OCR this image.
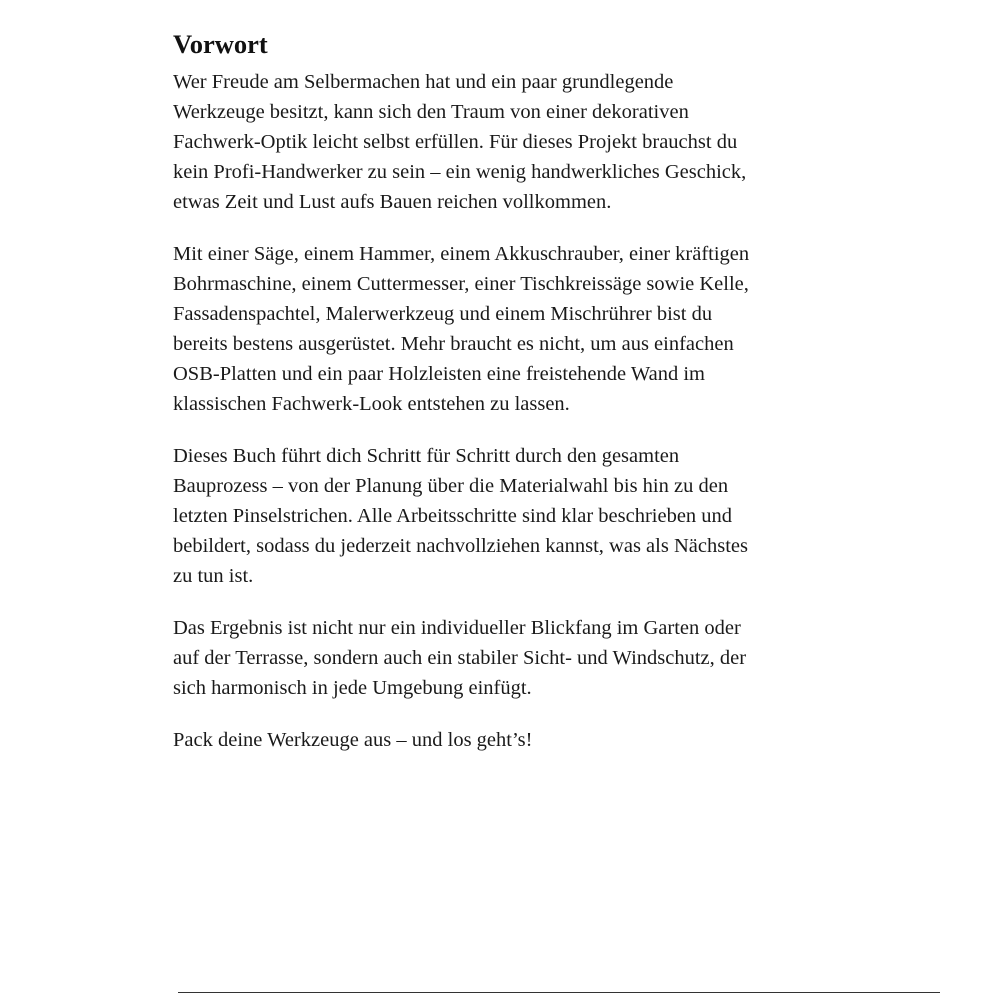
Vorwort

Wer Freude am Selbermachen hat und ein paar grundlegende
Werkzeuge besitzt, kann sich den Traum von einer dekorativen
Fachwerk-Optik leicht selbst erfüllen. Für dieses Projekt brauchst du
kein Profi-Handwerker zu sein – ein wenig handwerkliches Geschick,
etwas Zeit und Lust aufs Bauen reichen vollkommen.

Mit einer Säge, einem Hammer, einem Akkuschrauber, einer kräftigen
Bohrmaschine, einem Cuttermesser, einer Tischkreissäge sowie Kelle,
Fassadenspachtel, Malerwerkzeug und einem Mischrührer bist du
bereits bestens ausgerüstet. Mehr braucht es nicht, um aus einfachen
OSB-Platten und ein paar Holzleisten eine freistehende Wand im
klassischen Fachwerk-Look entstehen zu lassen.

Dieses Buch führt dich Schritt für Schritt durch den gesamten
Bauprozess – von der Planung über die Materialwahl bis hin zu den
letzten Pinselstrichen. Alle Arbeitsschritte sind klar beschrieben und
bebildert, sodass du jederzeit nachvollziehen kannst, was als Nächstes
zu tun ist.

Das Ergebnis ist nicht nur ein individueller Blickfang im Garten oder
auf der Terrasse, sondern auch ein stabiler Sicht- und Windschutz, der
sich harmonisch in jede Umgebung einfügt.

Pack deine Werkzeuge aus – und los geht’s!
